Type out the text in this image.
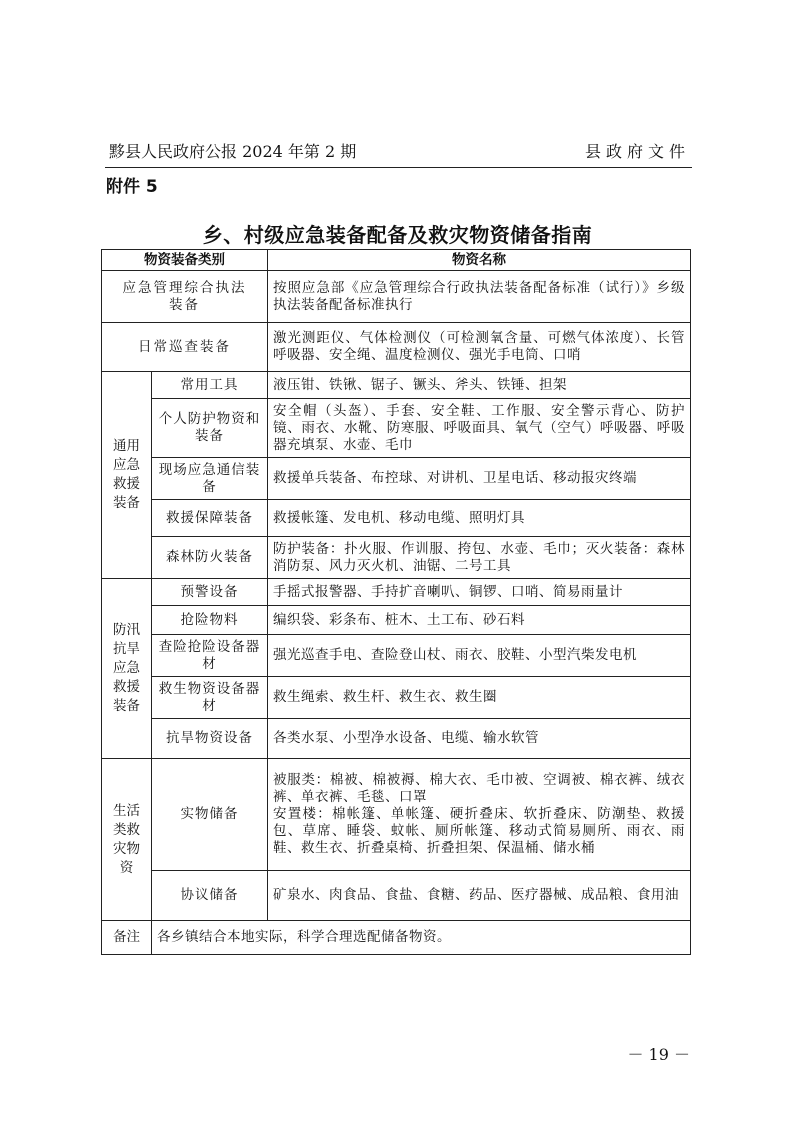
黟县人民政府公报 2024 年第 2 期	县政府文件
附件 5
乡、村级应急装备配备及救灾物资储备指南
物资装备类别		物资名称
应急管理综合执法装备		按照应急部《应急管理综合行政执法装备配备标准（试行）》乡级执法装备配备标准执行
日常巡查装备		激光测距仪、气体检测仪（可检测氧含量、可燃气体浓度）、长管呼吸器、安全绳、温度检测仪、强光手电筒、口哨
通用应急救援装备	常用工具	液压钳、铁锹、锯子、镢头、斧头、铁锤、担架
	个人防护物资和装备	安全帽（头盔）、手套、安全鞋、工作服、安全警示背心、防护镜、雨衣、水靴、防寒服、呼吸面具、氧气（空气）呼吸器、呼吸器充填泵、水壶、毛巾
	现场应急通信装备	救援单兵装备、布控球、对讲机、卫星电话、移动报灾终端
	救援保障装备	救援帐篷、发电机、移动电缆、照明灯具
	森林防火装备	防护装备：扑火服、作训服、挎包、水壶、毛巾；灭火装备：森林消防泵、风力灭火机、油锯、二号工具
防汛抗旱应急救援装备	预警设备	手摇式报警器、手持扩音喇叭、铜锣、口哨、简易雨量计
	抢险物料	编织袋、彩条布、桩木、土工布、砂石料
	查险抢险设备器材	强光巡查手电、查险登山杖、雨衣、胶鞋、小型汽柴发电机
	救生物资设备器材	救生绳索、救生杆、救生衣、救生圈
	抗旱物资设备	各类水泵、小型净水设备、电缆、输水软管
生活类救灾物资	实物储备	被服类：棉被、棉被褥、棉大衣、毛巾被、空调被、棉衣裤、绒衣裤、单衣裤、毛毯、口罩
安置楼：棉帐篷、单帐篷、硬折叠床、软折叠床、防潮垫、救援包、草席、睡袋、蚊帐、厕所帐篷、移动式简易厕所、雨衣、雨鞋、救生衣、折叠桌椅、折叠担架、保温桶、储水桶

	协议储备	矿泉水、肉食品、食盐、食糖、药品、医疗器械、成品粮、食用油
备注	各乡镇结合本地实际，科学合理选配储备物资。	
－ 19 －
